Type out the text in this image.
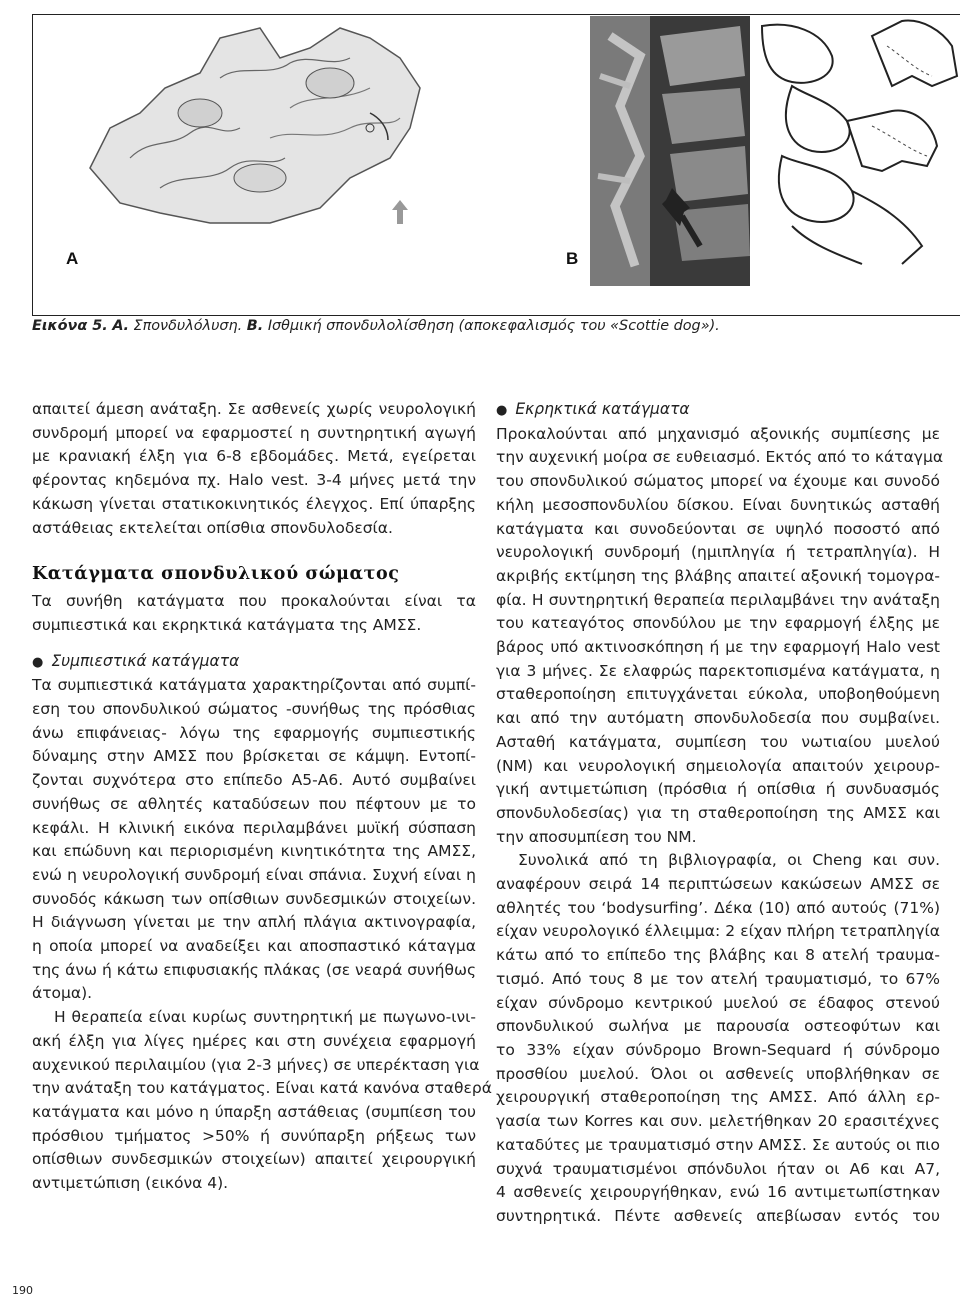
A	B
Εικόνα 5. Α. Σπονδυλόλυση. Β. Ισθμική σπονδυλολίσθηση (αποκεφαλισμός του «Scottie dog»).

απαιτεί άμεση ανάταξη. Σε ασθενείς χωρίς νευρολογική
συνδρομή μπορεί να εφαρμοστεί η συντηρητική αγωγή
με κρανιακή έλξη για 6-8 εβδομάδες. Μετά, εγείρεται
φέροντας κηδεμόνα πχ. Halo vest. 3-4 μήνες μετά την
κάκωση γίνεται στατικοκινητικός έλεγχος. Επί ύπαρξης
αστάθειας εκτελείται οπίσθια σπονδυλοδεσία.

Κατάγματα σπονδυλικού σώματος

Τα συνήθη κατάγματα που προκαλούνται είναι τα
συμπιεστικά και εκρηκτικά κατάγματα της ΑΜΣΣ.

● Συμπιεστικά κατάγματα

Τα συμπιεστικά κατάγματα χαρακτηρίζονται από συμπί-
εση του σπονδυλικού σώματος -συνήθως της πρόσθιας
άνω επιφάνειας- λόγω της εφαρμογής συμπιεστικής
δύναμης στην ΑΜΣΣ που βρίσκεται σε κάμψη. Εντοπί-
ζονται συχνότερα στο επίπεδο Α5-Α6. Αυτό συμβαίνει
συνήθως σε αθλητές καταδύσεων που πέφτουν με το
κεφάλι. Η κλινική εικόνα περιλαμβάνει μυϊκή σύσπαση
και επώδυνη και περιορισμένη κινητικότητα της ΑΜΣΣ,
ενώ η νευρολογική συνδρομή είναι σπάνια. Συχνή είναι η
συνοδός κάκωση των οπίσθιων συνδεσμικών στοιχείων.
Η διάγνωση γίνεται με την απλή πλάγια ακτινογραφία,
η οποία μπορεί να αναδείξει και αποσπαστικό κάταγμα
της άνω ή κάτω επιφυσιακής πλάκας (σε νεαρά συνήθως
άτομα).

Η θεραπεία είναι κυρίως συντηρητική με πωγωνο-ινι-
ακή έλξη για λίγες ημέρες και στη συνέχεια εφαρμογή
αυχενικού περιλαιμίου (για 2-3 μήνες) σε υπερέκταση για
την ανάταξη του κατάγματος. Είναι κατά κανόνα σταθερά
κατάγματα και μόνο η ύπαρξη αστάθειας (συμπίεση του
πρόσθιου τμήματος >50% ή συνύπαρξη ρήξεως των
οπίσθιων συνδεσμικών στοιχείων) απαιτεί χειρουργική
αντιμετώπιση (εικόνα 4).

● Εκρηκτικά κατάγματα

Προκαλούνται από μηχανισμό αξονικής συμπίεσης με
την αυχενική μοίρα σε ευθειασμό. Εκτός από το κάταγμα
του σπονδυλικού σώματος μπορεί να έχουμε και συνοδό
κήλη μεσοσπονδυλίου δίσκου. Είναι δυνητικώς ασταθή
κατάγματα και συνοδεύονται σε υψηλό ποσοστό από
νευρολογική συνδρομή (ημιπληγία ή τετραπληγία). Η
ακριβής εκτίμηση της βλάβης απαιτεί αξονική τομογρα-
φία. Η συντηρητική θεραπεία περιλαμβάνει την ανάταξη
του κατεαγότος σπονδύλου με την εφαρμογή έλξης με
βάρος υπό ακτινοσκόπηση ή με την εφαρμογή Halo vest
για 3 μήνες. Σε ελαφρώς παρεκτοπισμένα κατάγματα, η
σταθεροποίηση επιτυγχάνεται εύκολα, υποβοηθούμενη
και από την αυτόματη σπονδυλοδεσία που συμβαίνει.
Ασταθή κατάγματα, συμπίεση του νωτιαίου μυελού
(ΝΜ) και νευρολογική σημειολογία απαιτούν χειρουρ-
γική αντιμετώπιση (πρόσθια ή οπίσθια ή συνδυασμός
σπονδυλοδεσίας) για τη σταθεροποίηση της ΑΜΣΣ και
την αποσυμπίεση του ΝΜ.

Συνολικά από τη βιβλιογραφία, οι Cheng και συν.
αναφέρουν σειρά 14 περιπτώσεων κακώσεων ΑΜΣΣ σε
αθλητές του ‘bodysurfing’. Δέκα (10) από αυτούς (71%)
είχαν νευρολογικό έλλειμμα: 2 είχαν πλήρη τετραπληγία
κάτω από το επίπεδο της βλάβης και 8 ατελή τραυμα-
τισμό. Από τους 8 με τον ατελή τραυματισμό, το 67%
είχαν σύνδρομο κεντρικού μυελού σε έδαφος στενού
σπονδυλικού σωλήνα με παρουσία οστεοφύτων και
το 33% είχαν σύνδρομο Brown-Sequard ή σύνδρομο
προσθίου μυελού. Όλοι οι ασθενείς υποβλήθηκαν σε
χειρουργική σταθεροποίηση της ΑΜΣΣ. Από άλλη ερ-
γασία των Korres και συν. μελετήθηκαν 20 ερασιτέχνες
καταδύτες με τραυματισμό στην ΑΜΣΣ. Σε αυτούς οι πιο
συχνά τραυματισμένοι σπόνδυλοι ήταν οι Α6 και Α7,
4 ασθενείς χειρουργήθηκαν, ενώ 16 αντιμετωπίστηκαν
συντηρητικά. Πέντε ασθενείς απεβίωσαν εντός του

190
